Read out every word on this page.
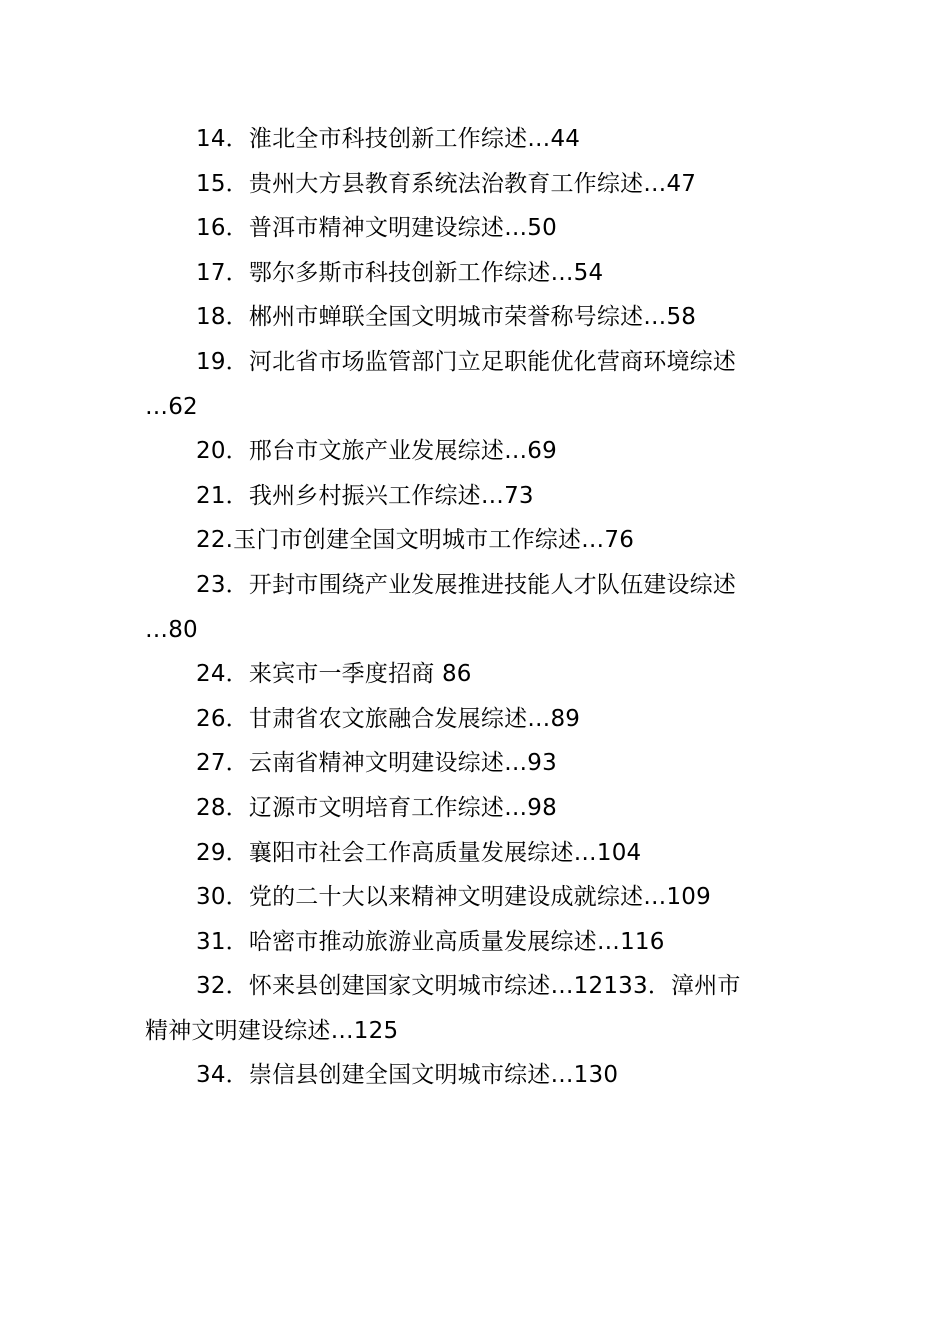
14．淮北全市科技创新工作综述…44
15．贵州大方县教育系统法治教育工作综述…47
16．普洱市精神文明建设综述…50
17．鄂尔多斯市科技创新工作综述…54
18．郴州市蝉联全国文明城市荣誉称号综述…58
19．河北省市场监管部门立足职能优化营商环境综述
…62
20．邢台市文旅产业发展综述…69
21．我州乡村振兴工作综述…73
22.玉门市创建全国文明城市工作综述…76
23．开封市围绕产业发展推进技能人才队伍建设综述
…80
24．来宾市一季度招商 86
26．甘肃省农文旅融合发展综述…89
27．云南省精神文明建设综述…93
28．辽源市文明培育工作综述…98
29．襄阳市社会工作高质量发展综述…104
30．党的二十大以来精神文明建设成就综述…109
31．哈密市推动旅游业高质量发展综述…116
32．怀来县创建国家文明城市综述…12133．漳州市
精神文明建设综述…125
34．崇信县创建全国文明城市综述…130
